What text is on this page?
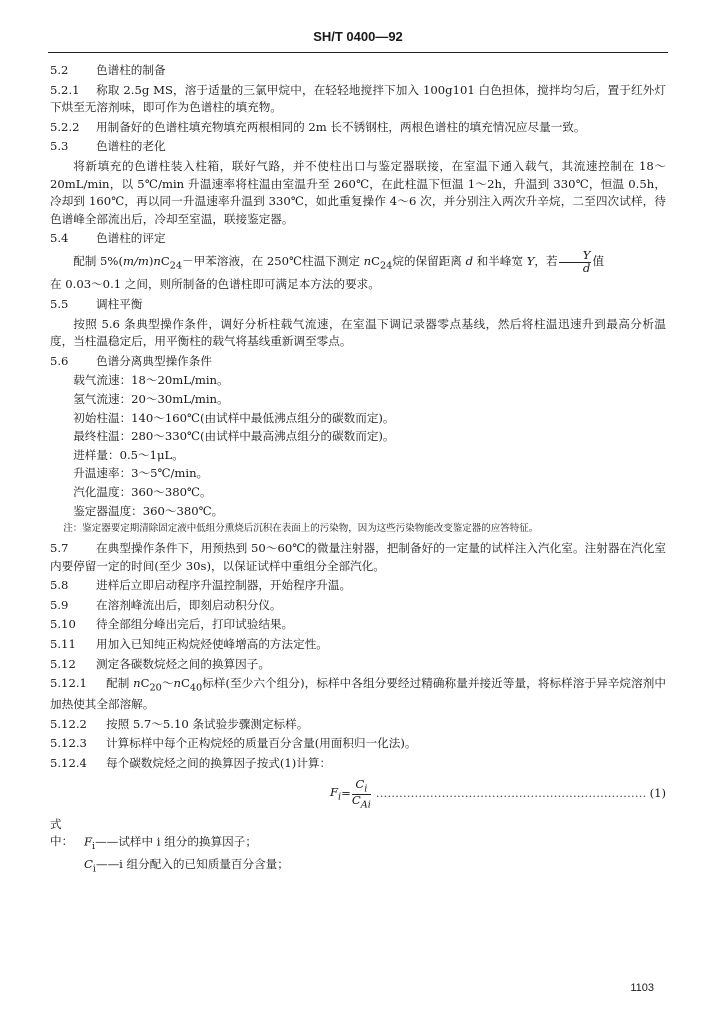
SH/T 0400—92

5.2 色谱柱的制备

5.2.1 称取 2.5g MS，溶于适量的三氯甲烷中，在轻轻地搅拌下加入 100g101 白色担体，搅拌均匀后，置于红外灯下烘至无溶剂味，即可作为色谱柱的填充物。

5.2.2 用制备好的色谱柱填充物填充两根相同的 2m 长不锈钢柱，两根色谱柱的填充情况应尽量一致。

5.3 色谱柱的老化

将新填充的色谱柱装入柱箱，联好气路，并不使柱出口与鉴定器联接，在室温下通入载气，其流速控制在 18～20mL/min，以 5℃/min 升温速率将柱温由室温升至 260℃，在此柱温下恒温 1～2h，升温到 330℃，恒温 0.5h，冷却到 160℃，再以同一升温速率升温到 330℃，如此重复操作 4～6 次，并分别注入两次升辛烷，二至四次试样，待色谱峰全部流出后，冷却至室温，联接鉴定器。

5.4 色谱柱的评定

配制 $5\%(m/m)nC_{24}-$甲苯溶液，在 250℃柱温下测定 $nC_{24}$烷的保留距离 d 和半峰宽 Y，若 $\frac{Y}{d}$ 值

在 0.03～0.1 之间，则所制备的色谱柱即可满足本方法的要求。

5.5 调柱平衡

按照 5.6 条典型操作条件，调好分析柱载气流速，在室温下调记录器零点基线，然后将柱温迅速升到最高分析温度，当柱温稳定后，用平衡柱的载气将基线重新调至零点。

5.6 色谱分离典型操作条件

载气流速：18～20mL/min。

氢气流速：20～30mL/min。

初始柱温：140～160℃(由试样中最低沸点组分的碳数而定)。

最终柱温：280～330℃(由试样中最高沸点组分的碳数而定)。

进样量：0.5～1μL。

升温速率：3～5℃/min。

汽化温度：360～380℃。

鉴定器温度：360～380℃。

注：鉴定器要定期清除固定液中低组分熏烧后沉积在表面上的污染物，因为这些污染物能改变鉴定器的应答特征。

5.7 在典型操作条件下，用预热到 50～60℃的微量注射器，把制备好的一定量的试样注入汽化室。注射器在汽化室内要停留一定的时间(至少 30s)，以保证试样中重组分全部汽化。

5.8 进样后立即启动程序升温控制器，开始程序升温。

5.9 在溶剂峰流出后，即刻启动积分仪。

5.10 待全部组分峰出完后，打印试验结果。

5.11 用加入已知纯正构烷烃使峰增高的方法定性。

5.12 测定各碳数烷烃之间的换算因子。

5.12.1 配制 $nC_{20}\sim nC_{40}$标样(至少六个组分)，标样中各组分要经过精确称量并接近等量，将标样溶于异辛烷溶剂中加热使其全部溶解。

5.12.2 按照 5.7～5.10 条试验步骤测定标样。

5.12.3 计算标样中每个正构烷烃的质量百分含量(用面积归一化法)。

5.12.4 每个碳数烷烃之间的换算因子按式(1)计算：

$F_i = \frac{C_i}{C_{Ai}}$
…………………………………………………………………………	(1)

式中： $F_i——$试样中 i 组分的换算因子；

$C_i——i$ 组分配入的已知质量百分含量；

1103
